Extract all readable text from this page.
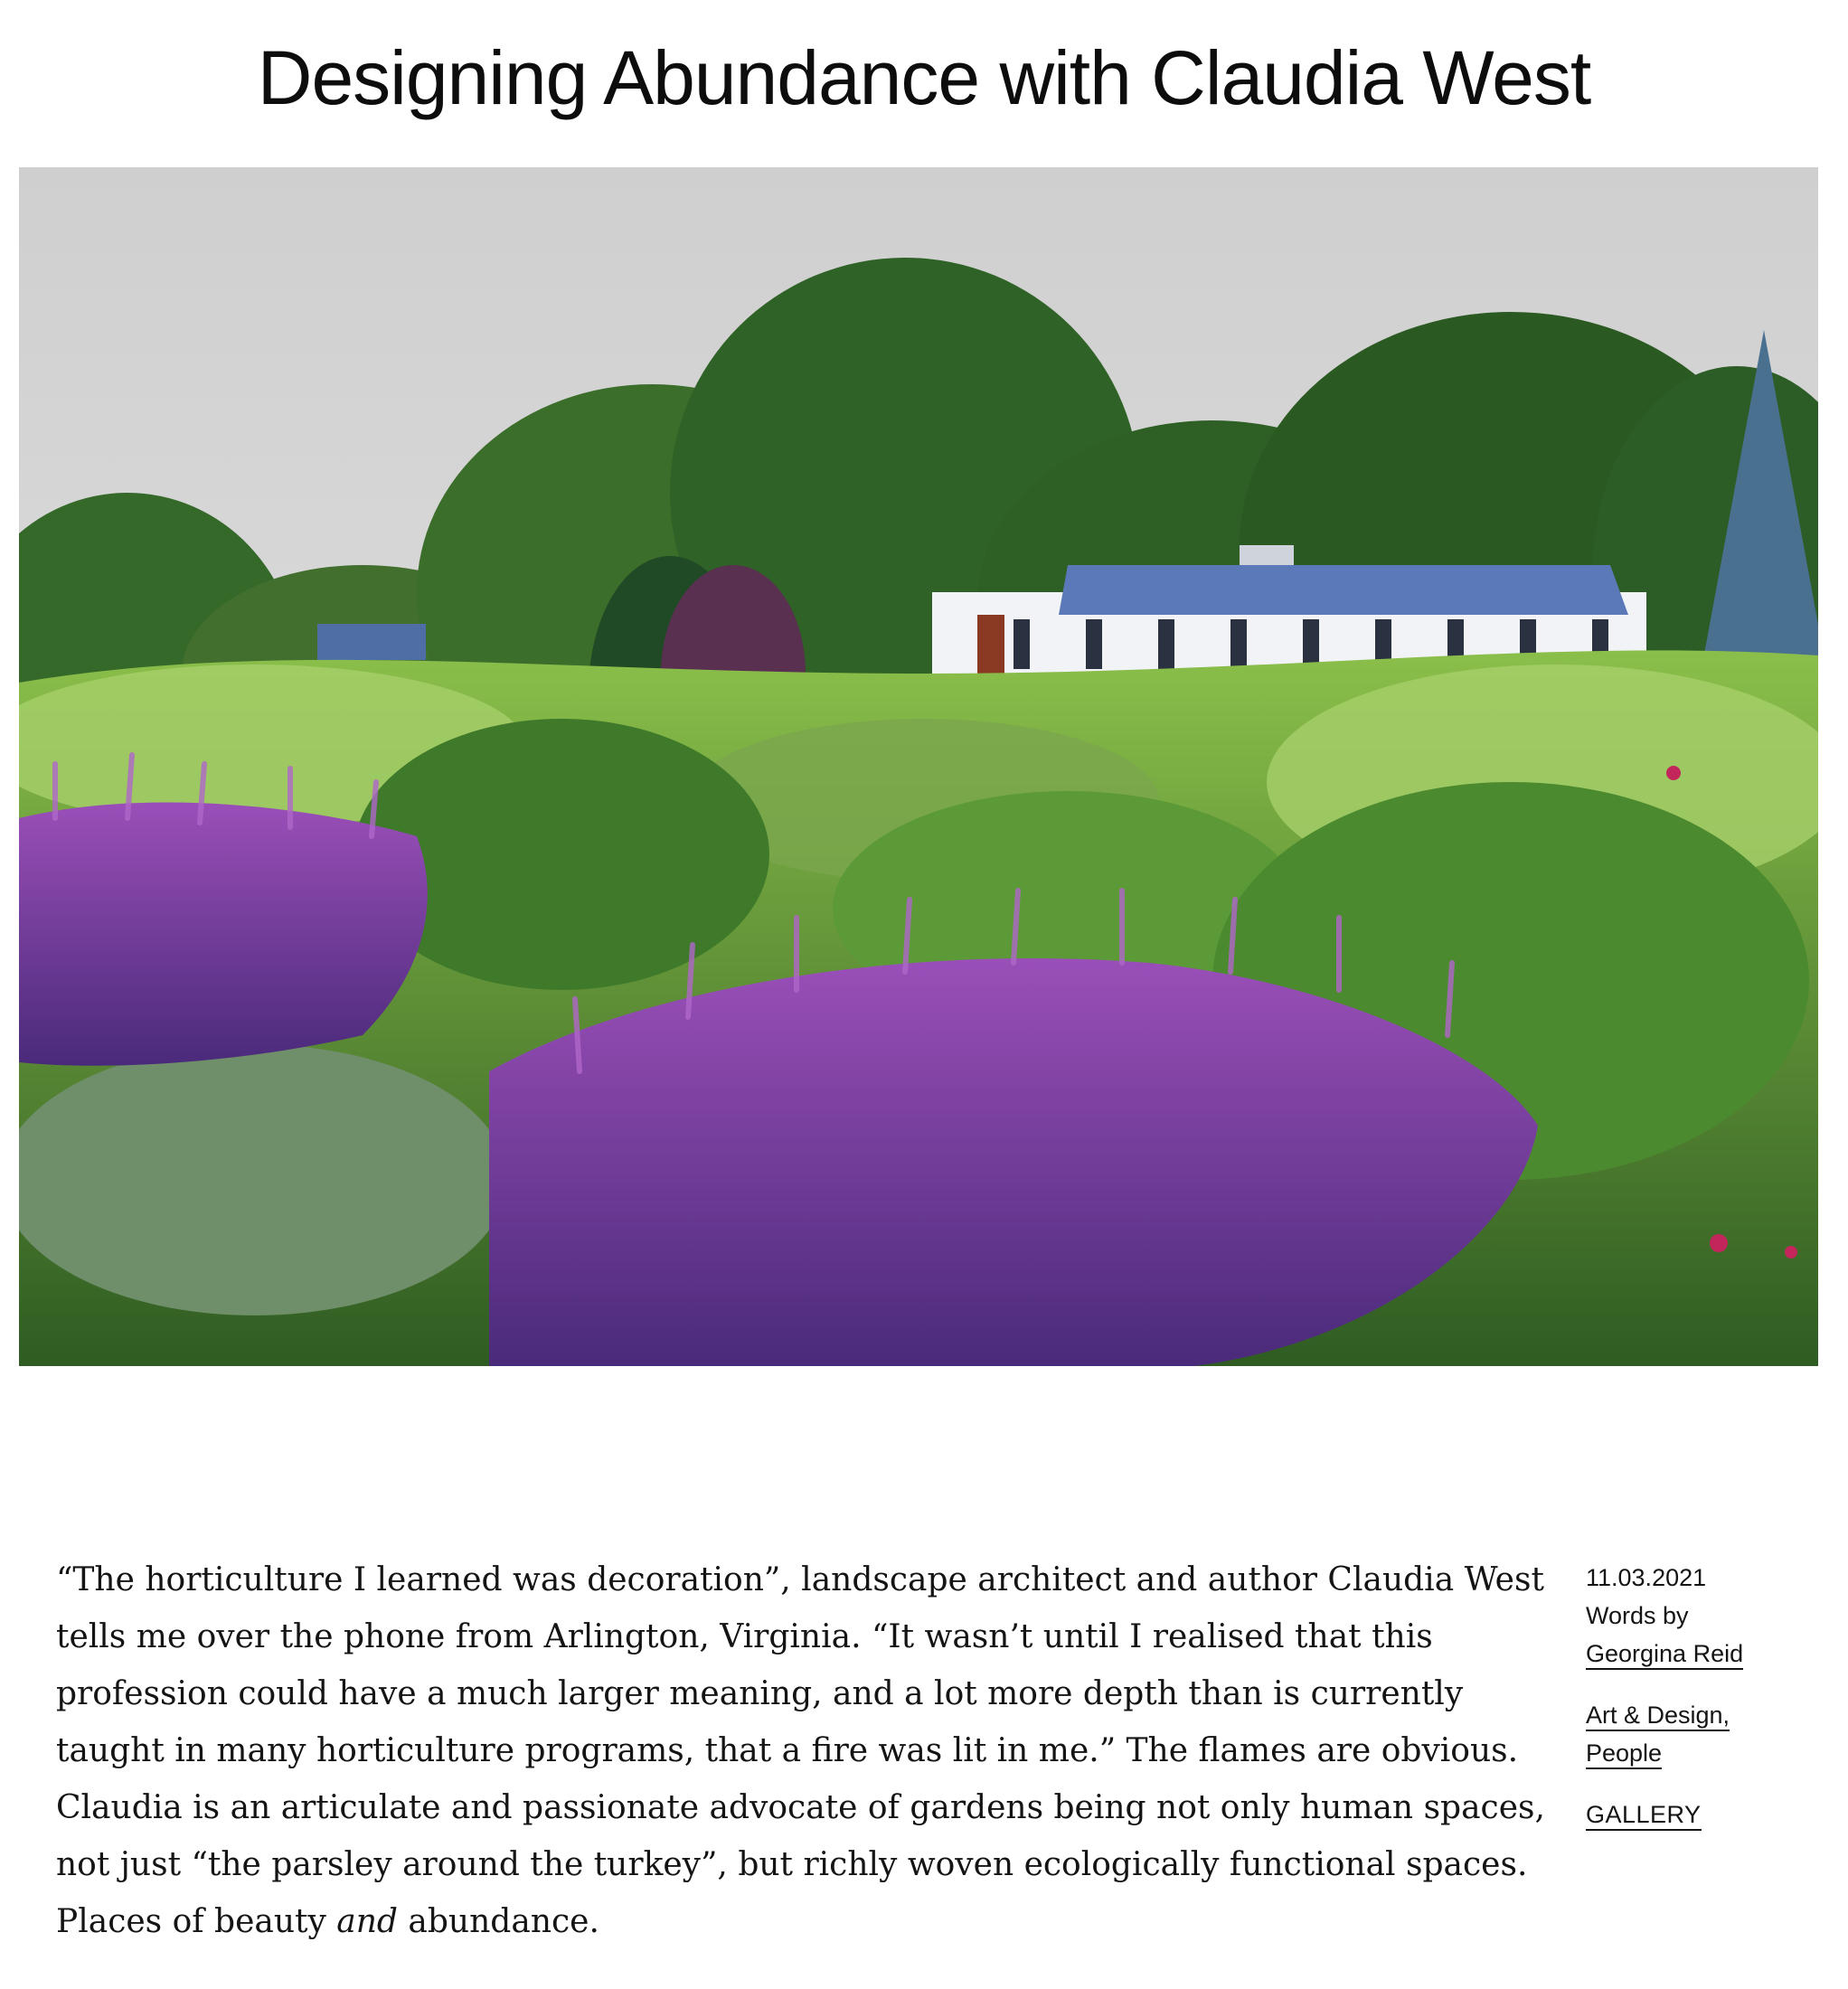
Designing Abundance with Claudia West

“The horticulture I learned was decoration”, landscape architect and author Claudia West tells me over the phone from Arlington, Virginia. “It wasn’t until I realised that this profession could have a much larger meaning, and a lot more depth than is currently taught in many horticulture programs, that a fire was lit in me.” The flames are obvious. Claudia is an articulate and passionate advocate of gardens being not only human spaces, not just “the parsley around the turkey”, but richly woven ecologically functional spaces. Places of beauty and abundance.

11.03.2021
Words by
Georgina Reid
Art & Design,
People
GALLERY
